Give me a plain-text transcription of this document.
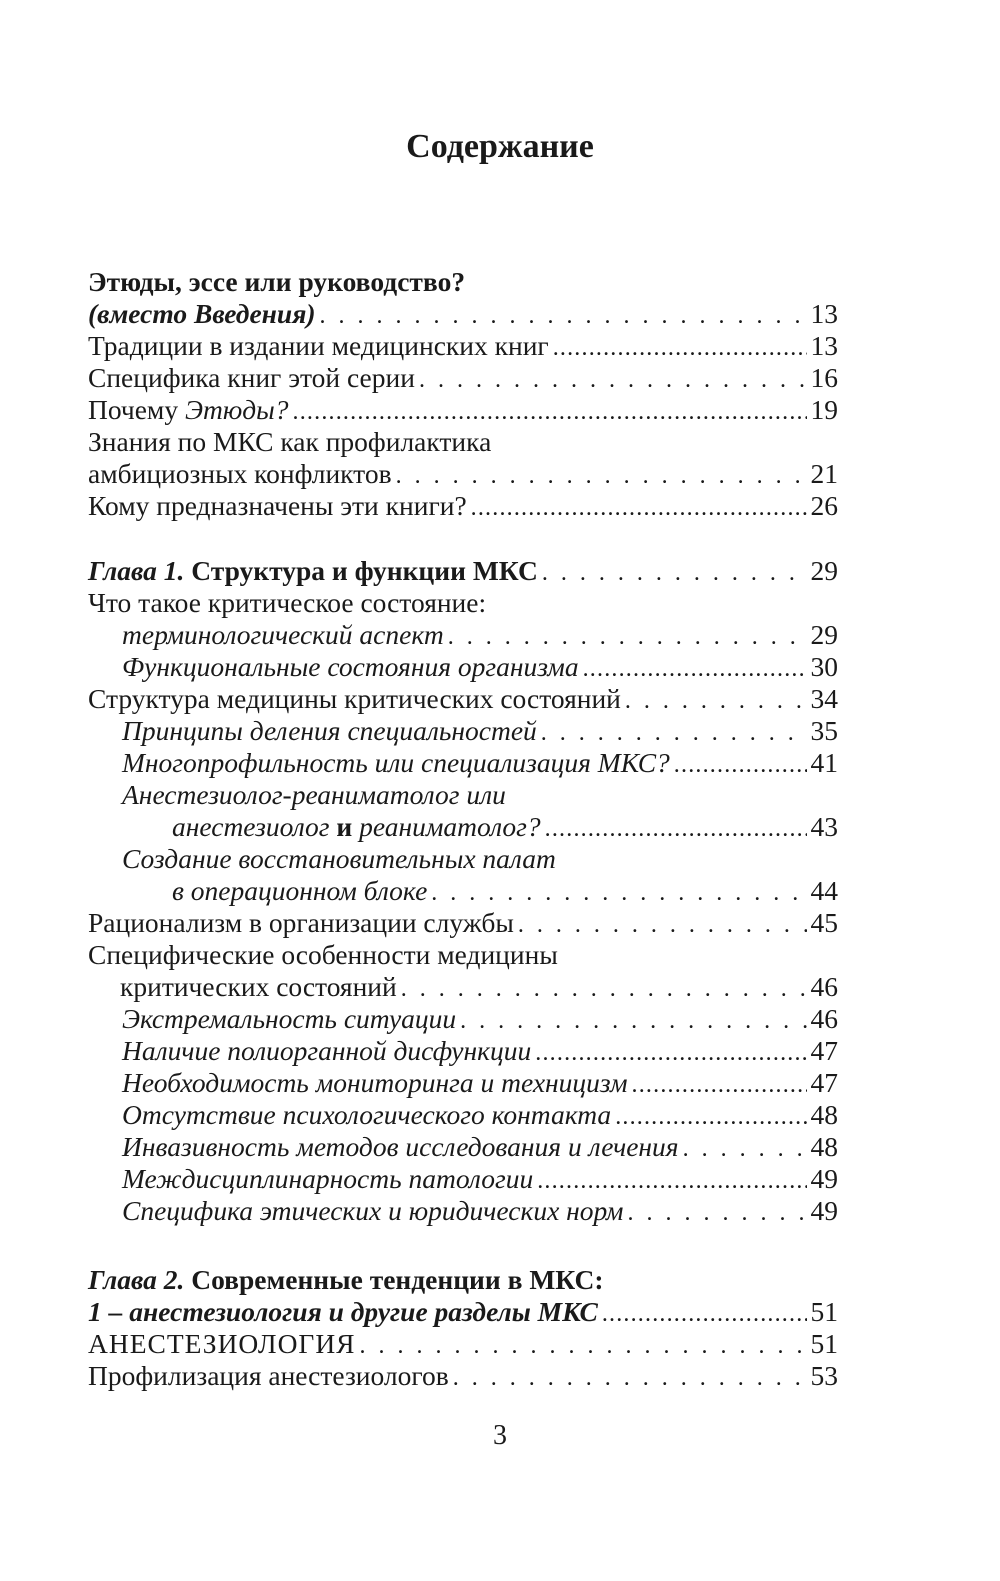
Содержание
Этюды, эссе или руководство?
(вместо Введения) . . .	13
Традиции в издании медицинских книг .....	13
Специфика книг этой серии . . .	16
Почему Этюды? .....	19
Знания по МКС как профилактика
амбициозных конфликтов . . .	21
Кому предназначены эти книги? .....	26
Глава 1. Структура и функции МКС . . .	29
Что такое критическое состояние:
терминологический аспект . . .	29
Функциональные состояния организма .....	30
Структура медицины критических состояний . . .	34
Принципы деления специальностей . . .	35
Многопрофильность или специализация МКС? .....	41
Анестезиолог-реаниматолог или
анестезиолог и реаниматолог? .....	43
Создание восстановительных палат
в операционном блоке . . .	44
Рационализм в организации службы . . .	45
Специфические особенности медицины
критических состояний . . .	46
Экстремальность ситуации . . .	46
Наличие полиорганной дисфункции .....	47
Необходимость мониторинга и техницизм .....	47
Отсутствие психологического контакта .....	48
Инвазивность методов исследования и лечения . . .	48
Междисциплинарность патологии .....	49
Специфика этических и юридических норм . . .	49
Глава 2. Современные тенденции в МКС:
1 – анестезиология и другие разделы МКС .....	51
АНЕСТЕЗИОЛОГИЯ . . .	51
Профилизация анестезиологов . . .	53
3
